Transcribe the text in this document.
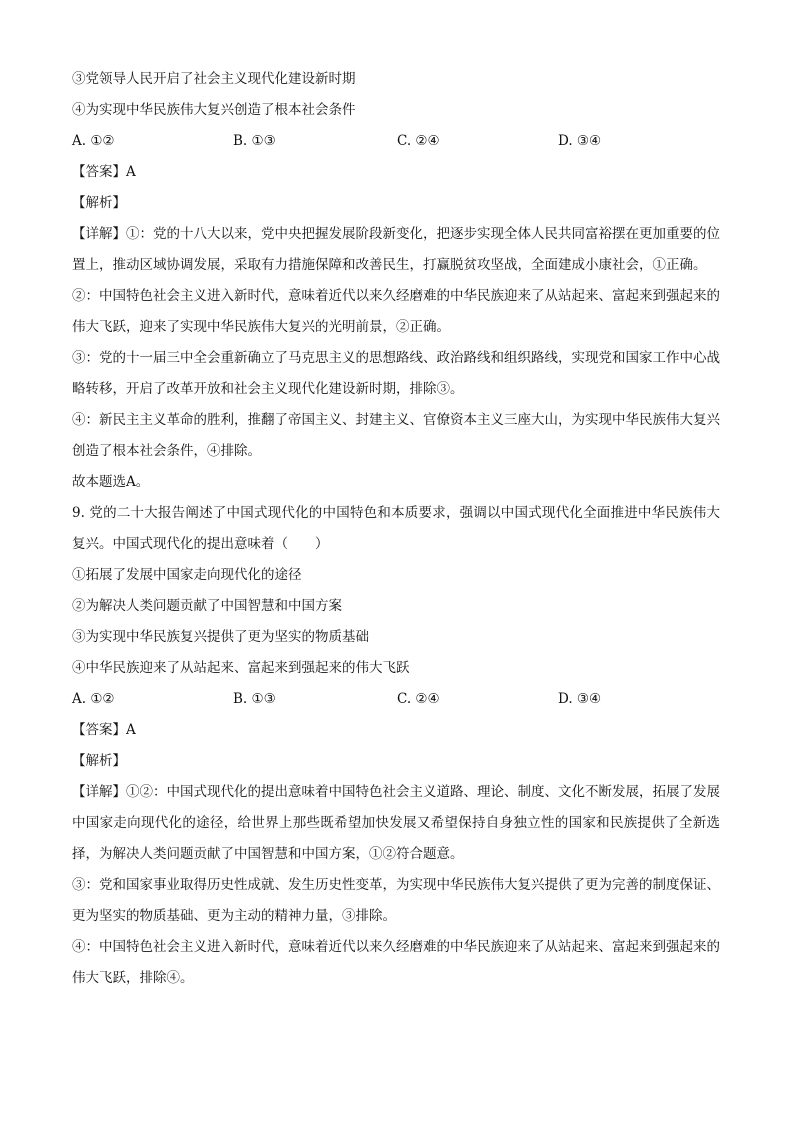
③党领导人民开启了社会主义现代化建设新时期
④为实现中华民族伟大复兴创造了根本社会条件
A. ①②	B. ①③	C. ②④	D. ③④
【答案】A
【解析】
【详解】①：党的十八大以来，党中央把握发展阶段新变化，把逐步实现全体人民共同富裕摆在更加重要的位置上，推动区域协调发展，采取有力措施保障和改善民生，打赢脱贫攻坚战，全面建成小康社会，①正确。
②：中国特色社会主义进入新时代，意味着近代以来久经磨难的中华民族迎来了从站起来、富起来到强起来的伟大飞跃，迎来了实现中华民族伟大复兴的光明前景，②正确。
③：党的十一届三中全会重新确立了马克思主义的思想路线、政治路线和组织路线，实现党和国家工作中心战略转移，开启了改革开放和社会主义现代化建设新时期，排除③。
④：新民主主义革命的胜利，推翻了帝国主义、封建主义、官僚资本主义三座大山，为实现中华民族伟大复兴创造了根本社会条件，④排除。
故本题选A。
9. 党的二十大报告阐述了中国式现代化的中国特色和本质要求，强调以中国式现代化全面推进中华民族伟大复兴。中国式现代化的提出意味着（　　）
①拓展了发展中国家走向现代化的途径
②为解决人类问题贡献了中国智慧和中国方案
③为实现中华民族复兴提供了更为坚实的物质基础
④中华民族迎来了从站起来、富起来到强起来的伟大飞跃
A. ①②	B. ①③	C. ②④	D. ③④
【答案】A
【解析】
【详解】①②：中国式现代化的提出意味着中国特色社会主义道路、理论、制度、文化不断发展，拓展了发展中国家走向现代化的途径，给世界上那些既希望加快发展又希望保持自身独立性的国家和民族提供了全新选择，为解决人类问题贡献了中国智慧和中国方案，①②符合题意。
③：党和国家事业取得历史性成就、发生历史性变革，为实现中华民族伟大复兴提供了更为完善的制度保证、更为坚实的物质基础、更为主动的精神力量，③排除。
④：中国特色社会主义进入新时代，意味着近代以来久经磨难的中华民族迎来了从站起来、富起来到强起来的伟大飞跃，排除④。
